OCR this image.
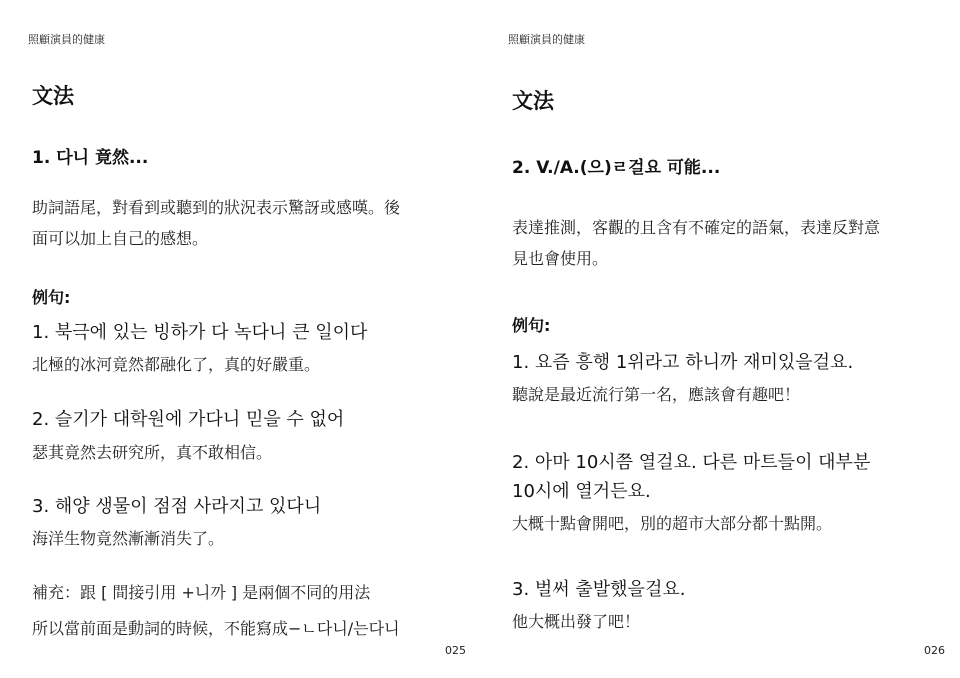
照顧演員的健康
文法
1. 다니 竟然...
助詞語尾，對看到或聽到的狀況表示驚訝或感嘆。後
面可以加上自己的感想。
例句:
1. 북극에 있는 빙하가 다 녹다니 큰 일이다
北極的冰河竟然都融化了，真的好嚴重。
2. 슬기가 대학원에 가다니 믿을 수 없어
瑟萁竟然去研究所，真不敢相信。
3. 해양 생물이 점점 사라지고 있다니
海洋生物竟然漸漸消失了。
補充：跟 [ 間接引用 +니까 ] 是兩個不同的用法
所以當前面是動詞的時候，不能寫成−ㄴ다니/는다니
025
照顧演員的健康
文法
2. V./A.(으)ㄹ걸요 可能...
表達推測，客觀的且含有不確定的語氣，表達反對意
見也會使用。
例句:
1. 요즘 흥행 1위라고 하니까 재미있을걸요.
聽說是最近流行第一名，應該會有趣吧！
2. 아마 10시쯤 열걸요. 다른 마트들이 대부분
10시에 열거든요.
大概十點會開吧，別的超市大部分都十點開。
3. 벌써 출발했을걸요.
他大概出發了吧！
026
